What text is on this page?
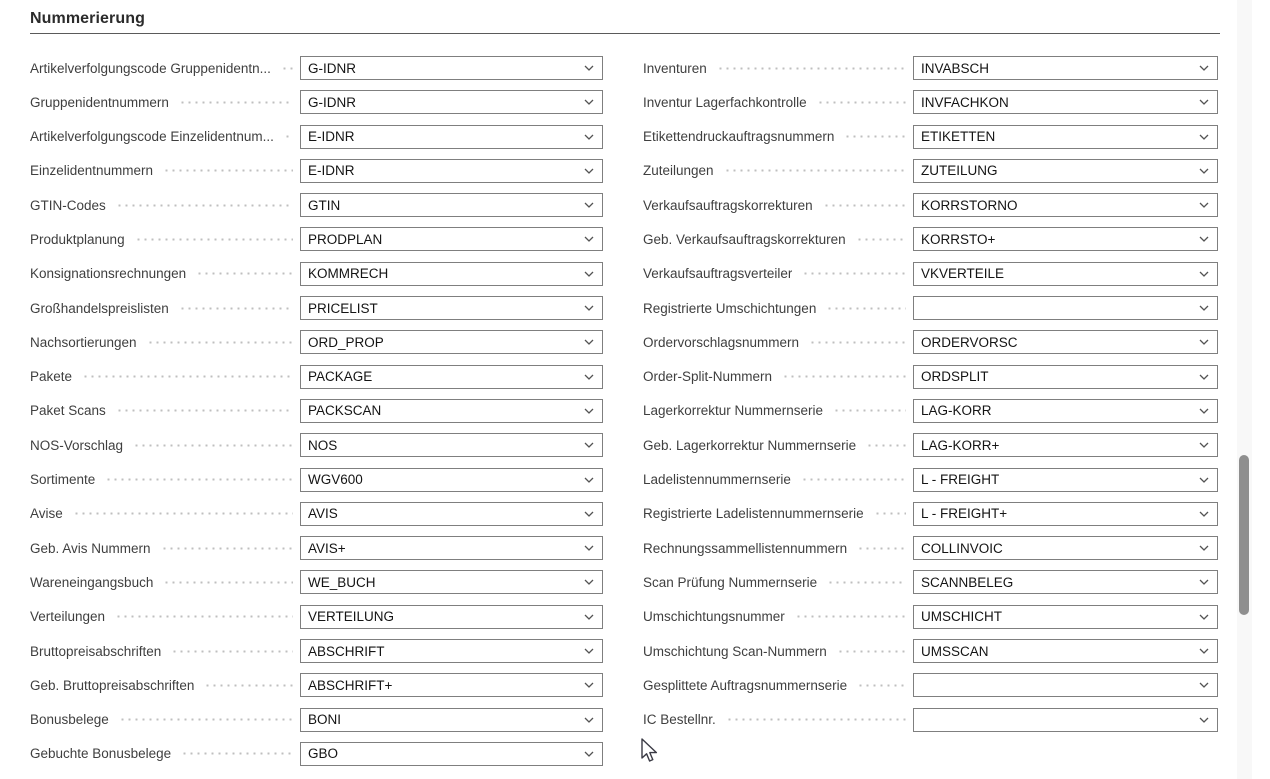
Nummerierung
Artikelverfolgungscode Gruppenidentn...	G-IDNR
Gruppenidentnummern	G-IDNR
Artikelverfolgungscode Einzelidentnum...	E-IDNR
Einzelidentnummern	E-IDNR
GTIN-Codes	GTIN
Produktplanung	PRODPLAN
Konsignationsrechnungen	KOMMRECH
Großhandelspreislisten	PRICELIST
Nachsortierungen	ORD_PROP
Pakete	PACKAGE
Paket Scans	PACKSCAN
NOS-Vorschlag	NOS
Sortimente	WGV600
Avise	AVIS
Geb. Avis Nummern	AVIS+
Wareneingangsbuch	WE_BUCH
Verteilungen	VERTEILUNG
Bruttopreisabschriften	ABSCHRIFT
Geb. Bruttopreisabschriften	ABSCHRIFT+
Bonusbelege	BONI
Gebuchte Bonusbelege	GBO
Inventuren	INVABSCH
Inventur Lagerfachkontrolle	INVFACHKON
Etikettendruckauftragsnummern	ETIKETTEN
Zuteilungen	ZUTEILUNG
Verkaufsauftragskorrekturen	KORRSTORNO
Geb. Verkaufsauftragskorrekturen	KORRSTO+
Verkaufsauftragsverteiler	VKVERTEILE
Registrierte Umschichtungen
Ordervorschlagsnummern	ORDERVORSC
Order-Split-Nummern	ORDSPLIT
Lagerkorrektur Nummernserie	LAG-KORR
Geb. Lagerkorrektur Nummernserie	LAG-KORR+
Ladelistennummernserie	L - FREIGHT
Registrierte Ladelistennummernserie	L - FREIGHT+
Rechnungssammellistennummern	COLLINVOIC
Scan Prüfung Nummernserie	SCANNBELEG
Umschichtungsnummer	UMSCHICHT
Umschichtung Scan-Nummern	UMSSCAN
Gesplittete Auftragsnummernserie
IC Bestellnr.
